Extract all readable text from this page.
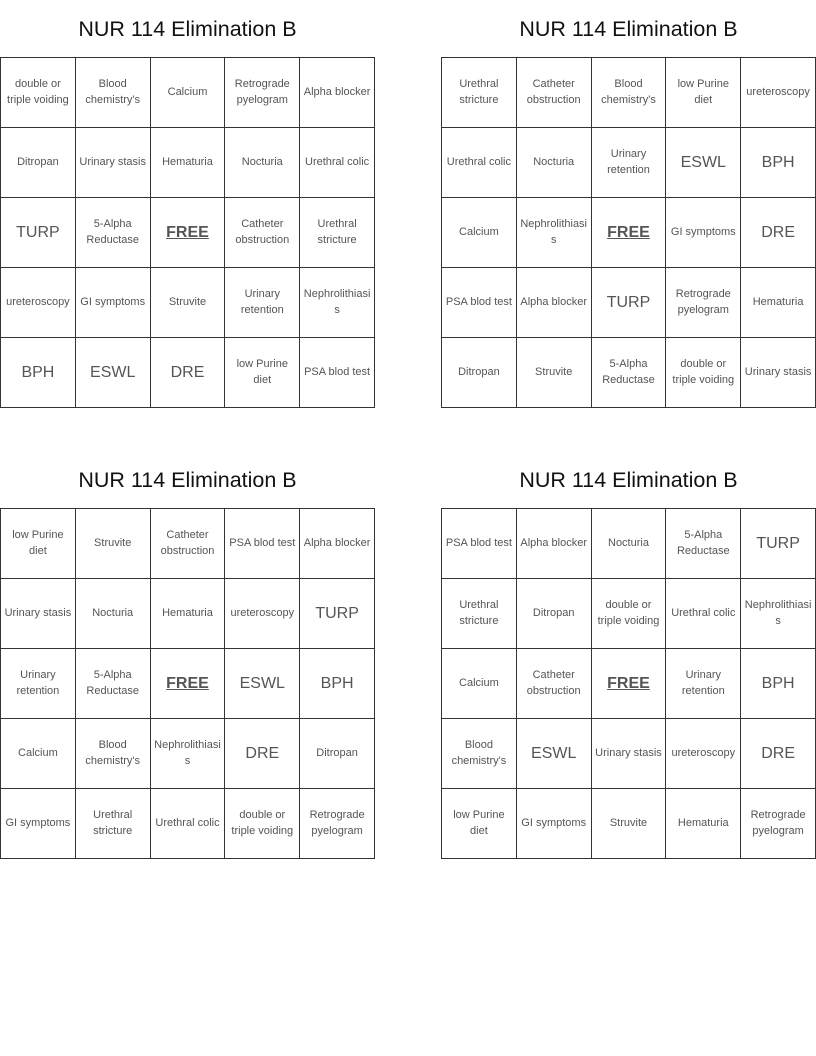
NUR 114 Elimination B
double or triple voiding	Blood chemistry's	Calcium	Retrograde pyelogram	Alpha blocker
Ditropan	Urinary stasis	Hematuria	Nocturia	Urethral colic
TURP	5-Alpha Reductase	FREE	Catheter obstruction	Urethral stricture
ureteroscopy	GI symptoms	Struvite	Urinary retention	Nephrolithiasis
BPH	ESWL	DRE	low Purine diet	PSA blod test
NUR 114 Elimination B
Urethral stricture	Catheter obstruction	Blood chemistry's	low Purine diet	ureteroscopy
Urethral colic	Nocturia	Urinary retention	ESWL	BPH
Calcium	Nephrolithiasis	FREE	GI symptoms	DRE
PSA blod test	Alpha blocker	TURP	Retrograde pyelogram	Hematuria
Ditropan	Struvite	5-Alpha Reductase	double or triple voiding	Urinary stasis
NUR 114 Elimination B
low Purine diet	Struvite	Catheter obstruction	PSA blod test	Alpha blocker
Urinary stasis	Nocturia	Hematuria	ureteroscopy	TURP
Urinary retention	5-Alpha Reductase	FREE	ESWL	BPH
Calcium	Blood chemistry's	Nephrolithiasis	DRE	Ditropan
GI symptoms	Urethral stricture	Urethral colic	double or triple voiding	Retrograde pyelogram
NUR 114 Elimination B
PSA blod test	Alpha blocker	Nocturia	5-Alpha Reductase	TURP
Urethral stricture	Ditropan	double or triple voiding	Urethral colic	Nephrolithiasis
Calcium	Catheter obstruction	FREE	Urinary retention	BPH
Blood chemistry's	ESWL	Urinary stasis	ureteroscopy	DRE
low Purine diet	GI symptoms	Struvite	Hematuria	Retrograde pyelogram
